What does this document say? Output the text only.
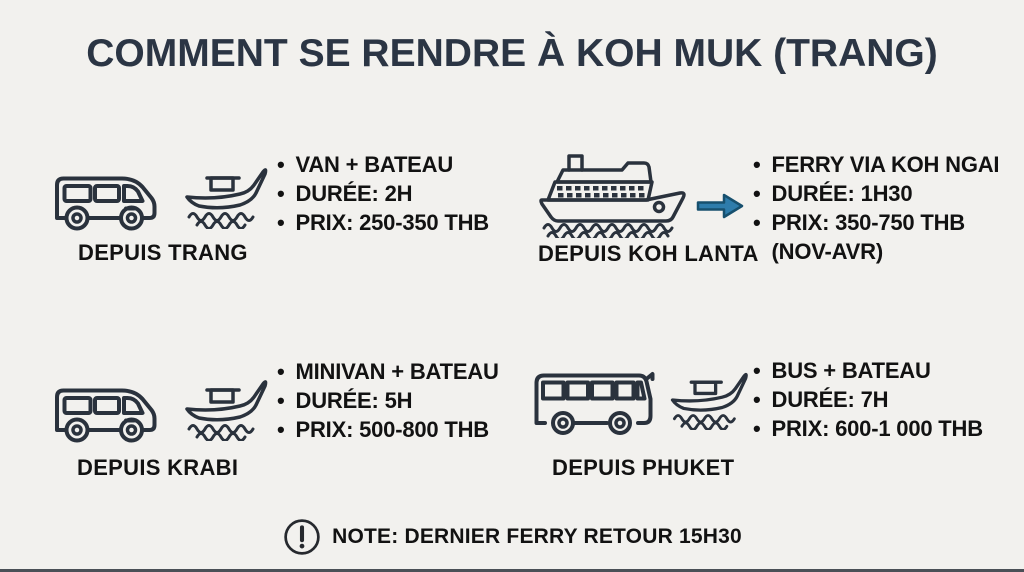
COMMENT SE RENDRE À KOH MUK (TRANG)
DEPUIS TRANG
• VAN + BATEAU
• DURÉE: 2H
• PRIX: 250-350 THB
DEPUIS KOH LANTA
• FERRY VIA KOH NGAI
• DURÉE: 1H30
• PRIX: 350-750 THB
(NOV-AVR)
DEPUIS KRABI
• MINIVAN + BATEAU
• DURÉE: 5H
• PRIX: 500-800 THB
DEPUIS PHUKET
• BUS + BATEAU
• DURÉE: 7H
• PRIX: 600-1 000 THB
NOTE: DERNIER FERRY RETOUR 15H30
